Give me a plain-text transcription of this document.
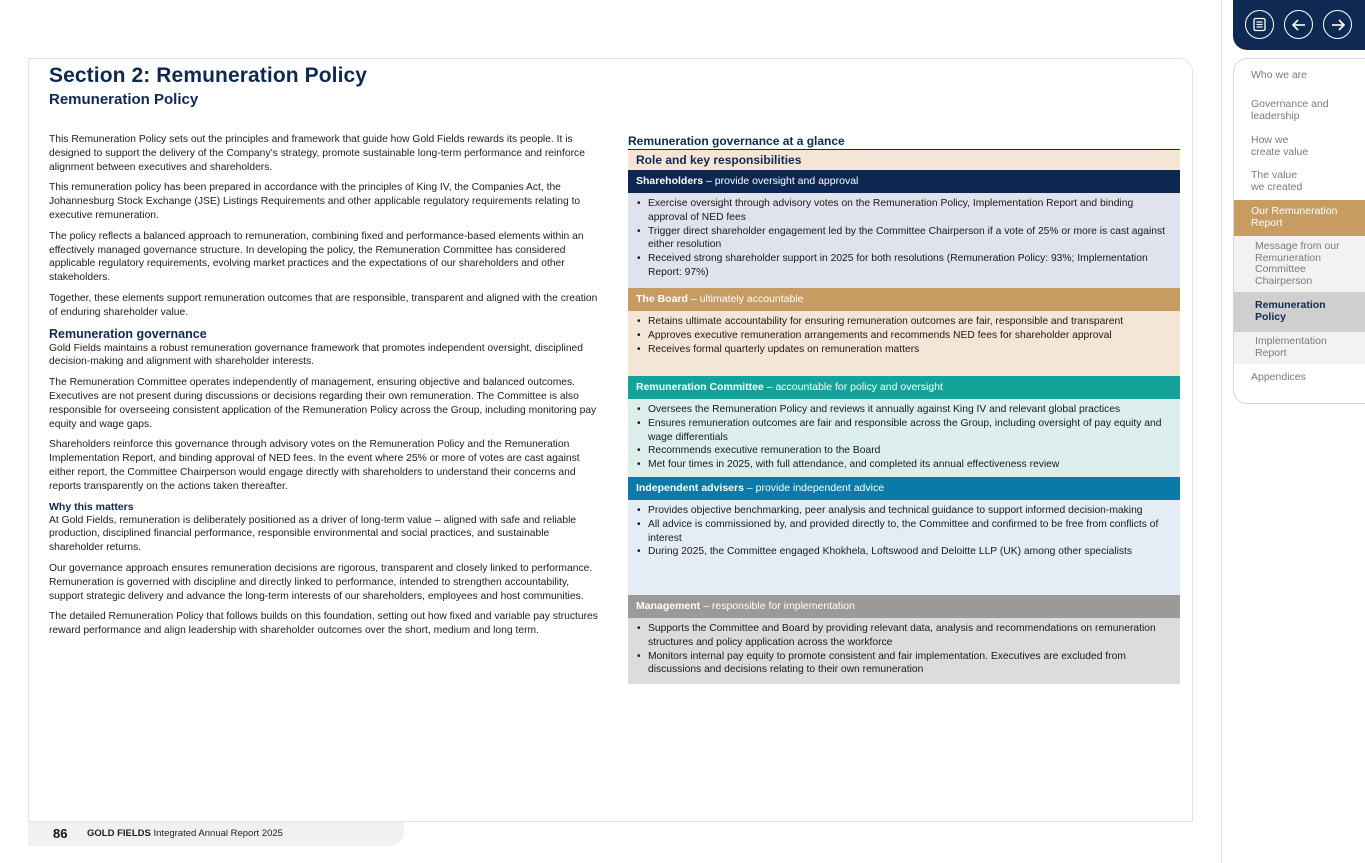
Section 2: Remuneration Policy
Remuneration Policy

This Remuneration Policy sets out the principles and framework that guide how Gold Fields rewards its people. It is designed to support the delivery of the Company’s strategy, promote sustainable long-term performance and reinforce alignment between executives and shareholders.

This remuneration policy has been prepared in accordance with the principles of King IV, the Companies Act, the Johannesburg Stock Exchange (JSE) Listings Requirements and other applicable regulatory requirements relating to executive remuneration.

The policy reflects a balanced approach to remuneration, combining fixed and performance-based elements within an effectively managed governance structure. In developing the policy, the Remuneration Committee has considered applicable regulatory requirements, evolving market practices and the expectations of our shareholders and other stakeholders.

Together, these elements support remuneration outcomes that are responsible, transparent and aligned with the creation of enduring shareholder value.

Remuneration governance

Gold Fields maintains a robust remuneration governance framework that promotes independent oversight, disciplined decision-making and alignment with shareholder interests.

The Remuneration Committee operates independently of management, ensuring objective and balanced outcomes. Executives are not present during discussions or decisions regarding their own remuneration. The Committee is also responsible for overseeing consistent application of the Remuneration Policy across the Group, including monitoring pay equity and wage gaps.

Shareholders reinforce this governance through advisory votes on the Remuneration Policy and the Remuneration Implementation Report, and binding approval of NED fees. In the event where 25% or more of votes are cast against either report, the Committee Chairperson would engage directly with shareholders to understand their concerns and reports transparently on the actions taken thereafter.

Why this matters

At Gold Fields, remuneration is deliberately positioned as a driver of long-term value – aligned with safe and reliable production, disciplined financial performance, responsible environmental and social practices, and sustainable shareholder returns.

Our governance approach ensures remuneration decisions are rigorous, transparent and closely linked to performance. Remuneration is governed with discipline and directly linked to performance, intended to strengthen accountability, support strategic delivery and advance the long-term interests of our shareholders, employees and host communities.

The detailed Remuneration Policy that follows builds on this foundation, setting out how fixed and variable pay structures reward performance and align leadership with shareholder outcomes over the short, medium and long term.

Remuneration governance at a glance
Role and key responsibilities
Shareholders – provide oversight and approval
• Exercise oversight through advisory votes on the Remuneration Policy, Implementation Report and binding approval of NED fees
• Trigger direct shareholder engagement led by the Committee Chairperson if a vote of 25% or more is cast against either resolution
• Received strong shareholder support in 2025 for both resolutions (Remuneration Policy: 93%; Implementation Report: 97%)
The Board – ultimately accountable
• Retains ultimate accountability for ensuring remuneration outcomes are fair, responsible and transparent
• Approves executive remuneration arrangements and recommends NED fees for shareholder approval
• Receives formal quarterly updates on remuneration matters
Remuneration Committee – accountable for policy and oversight
• Oversees the Remuneration Policy and reviews it annually against King IV and relevant global practices
• Ensures remuneration outcomes are fair and responsible across the Group, including oversight of pay equity and wage differentials
• Recommends executive remuneration to the Board
• Met four times in 2025, with full attendance, and completed its annual effectiveness review
Independent advisers – provide independent advice
• Provides objective benchmarking, peer analysis and technical guidance to support informed decision-making
• All advice is commissioned by, and provided directly to, the Committee and confirmed to be free from conflicts of interest
• During 2025, the Committee engaged Khokhela, Loftswood and Deloitte LLP (UK) among other specialists
Management – responsible for implementation
• Supports the Committee and Board by providing relevant data, analysis and recommendations on remuneration structures and policy application across the workforce
• Monitors internal pay equity to promote consistent and fair implementation. Executives are excluded from discussions and decisions relating to their own remuneration
86 GOLD FIELDS Integrated Annual Report 2025
Who we are
Governance and leadership
How we create value
The value we created
Our Remuneration Report
Message from our Remuneration Committee Chairperson
Remuneration Policy
Implementation Report
Appendices
